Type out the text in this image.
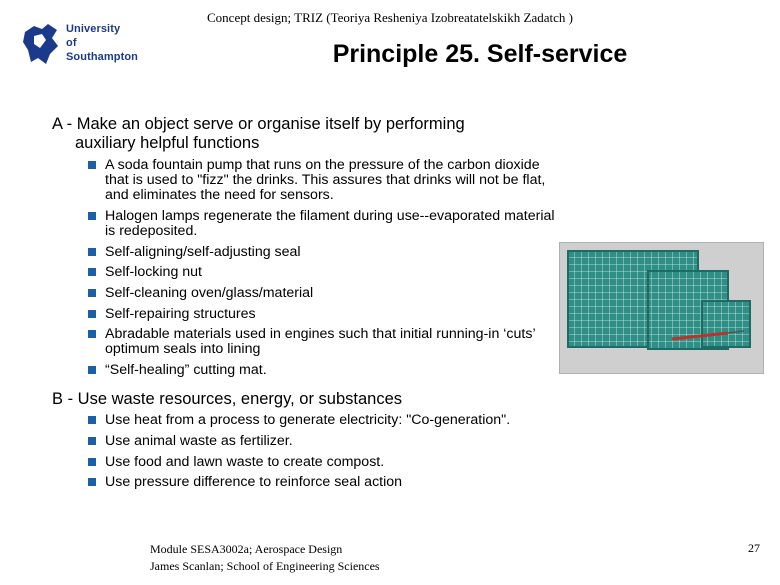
Concept design; TRIZ (Teoriya Resheniya Izobreatatelskikh Zadatch )
University
of Southampton	Principle 25. Self-service
A - Make an object serve or organise itself by performing
auxiliary helpful functions
A soda fountain pump that runs on the pressure of the carbon dioxide that is used to "fizz" the drinks. This assures that drinks will not be flat, and eliminates the need for sensors.
Halogen lamps regenerate the filament during use--evaporated material is redeposited.
Self-aligning/self-adjusting seal
Self-locking nut
Self-cleaning oven/glass/material
Self-repairing structures
Abradable materials used in engines such that initial running-in ‘cuts’ optimum seals into lining
“Self-healing” cutting mat.
B - Use waste resources, energy, or substances
Use heat from a process to generate electricity: "Co-generation".
Use animal waste as fertilizer.
Use food and lawn waste to create compost.
Use pressure difference to reinforce seal action
Module SESA3002a; Aerospace Design
James Scanlan; School of Engineering Sciences
27
